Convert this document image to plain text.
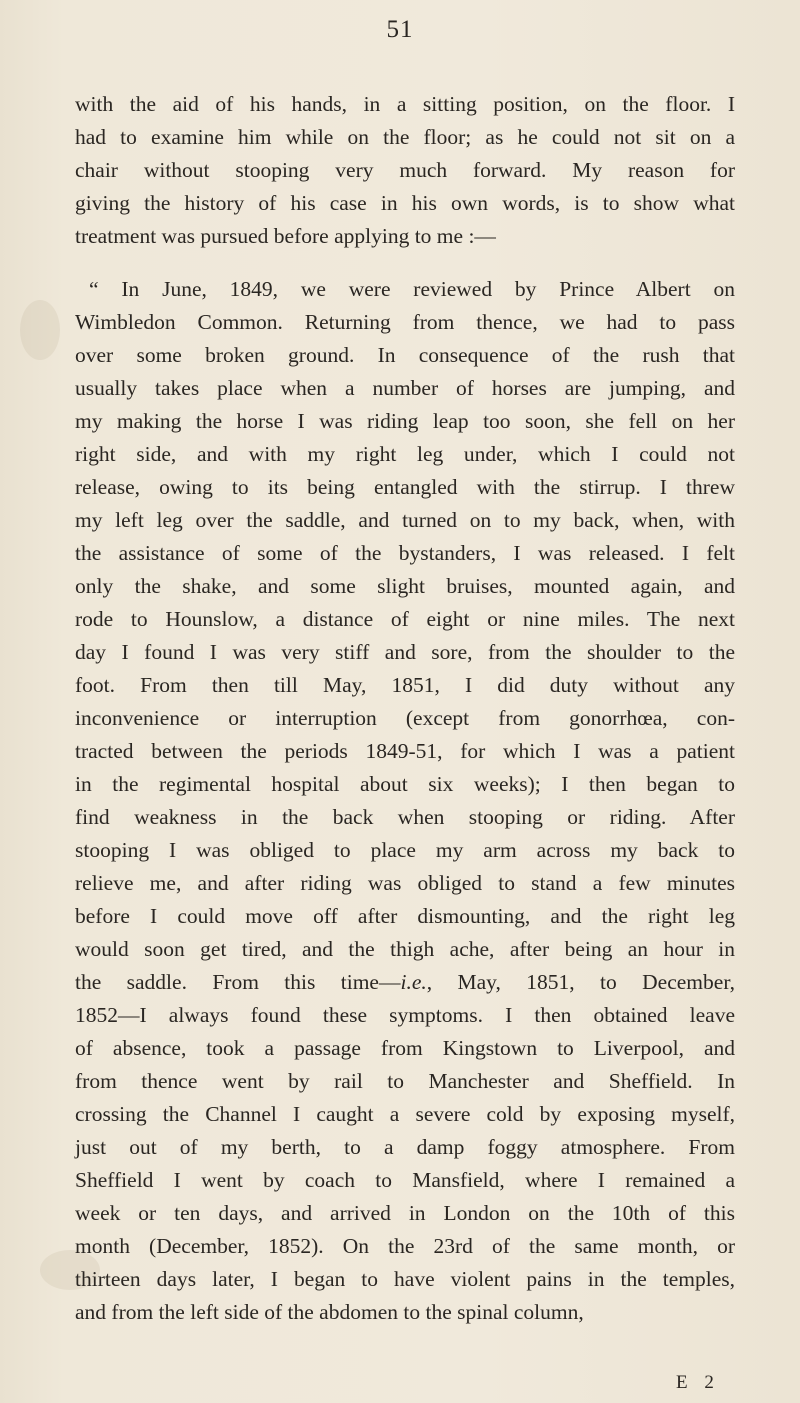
51
with the aid of his hands, in a sitting position, on the floor. I
had to examine him while on the floor; as he could not sit on a
chair without stooping very much forward. My reason for
giving the history of his case in his own words, is to show what
treatment was pursued before applying to me :—
“ In June, 1849, we were reviewed by Prince Albert on
Wimbledon Common. Returning from thence, we had to pass
over some broken ground. In consequence of the rush that
usually takes place when a number of horses are jumping, and
my making the horse I was riding leap too soon, she fell on her
right side, and with my right leg under, which I could not
release, owing to its being entangled with the stirrup. I threw
my left leg over the saddle, and turned on to my back, when, with
the assistance of some of the bystanders, I was released. I felt
only the shake, and some slight bruises, mounted again, and
rode to Hounslow, a distance of eight or nine miles. The next
day I found I was very stiff and sore, from the shoulder to the
foot. From then till May, 1851, I did duty without any
inconvenience or interruption (except from gonorrhœa, con-
tracted between the periods 1849-51, for which I was a patient
in the regimental hospital about six weeks); I then began to
find weakness in the back when stooping or riding. After
stooping I was obliged to place my arm across my back to
relieve me, and after riding was obliged to stand a few minutes
before I could move off after dismounting, and the right leg
would soon get tired, and the thigh ache, after being an hour in
the saddle. From this time—i.e., May, 1851, to December,
1852—I always found these symptoms. I then obtained leave
of absence, took a passage from Kingstown to Liverpool, and
from thence went by rail to Manchester and Sheffield. In
crossing the Channel I caught a severe cold by exposing myself,
just out of my berth, to a damp foggy atmosphere. From
Sheffield I went by coach to Mansfield, where I remained a
week or ten days, and arrived in London on the 10th of this
month (December, 1852). On the 23rd of the same month, or
thirteen days later, I began to have violent pains in the temples,
and from the left side of the abdomen to the spinal column,
E 2
